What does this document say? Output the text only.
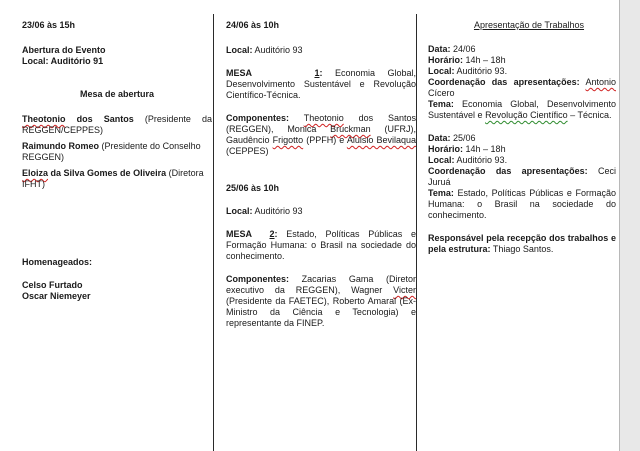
23/06 às 15h

Abertura do Evento

Local: Auditório 91

Mesa de abertura

Theotonio dos Santos (Presidente da REGGEN/CEPPES)

Raimundo Romeo (Presidente do Conselho REGGEN)

Eloiza da Silva Gomes de Oliveira (Diretora IFHT)

Homenageados:

Celso Furtado

Oscar Niemeyer

24/06 às 10h

Local: Auditório 93

MESA	1: Economia Global, Desenvolvimento Sustentável e Revolução Científico-Técnica.

Componentes: Theotonio dos Santos (REGGEN), Monica Bruckman (UFRJ), Gaudêncio Frigotto (PPFH) e Aluisio Bevilaqua (CEPPES)

25/06 às 10h

Local: Auditório 93

MESA 2: Estado, Políticas Públicas e Formação Humana: o Brasil na sociedade do conhecimento.

Componentes: Zacarias Gama (Diretor executivo da REGGEN), Wagner Victer (Presidente da FAETEC), Roberto Amaral (Ex-Ministro da Ciência e Tecnologia) e representante da FINEP.

Apresentação de Trabalhos

Data: 24/06

Horário: 14h – 18h

Local: Auditório 93.

Coordenação das apresentações: Antonio Cícero

Tema: Economia Global, Desenvolvimento Sustentável e Revolução Científico – Técnica.

Data: 25/06

Horário: 14h – 18h

Local: Auditório 93.

Coordenação das apresentações: Ceci Juruá

Tema: Estado, Políticas Públicas e Formação Humana: o Brasil na sociedade do conhecimento.

Responsável pela recepção dos trabalhos e pela estrutura: Thiago Santos.
